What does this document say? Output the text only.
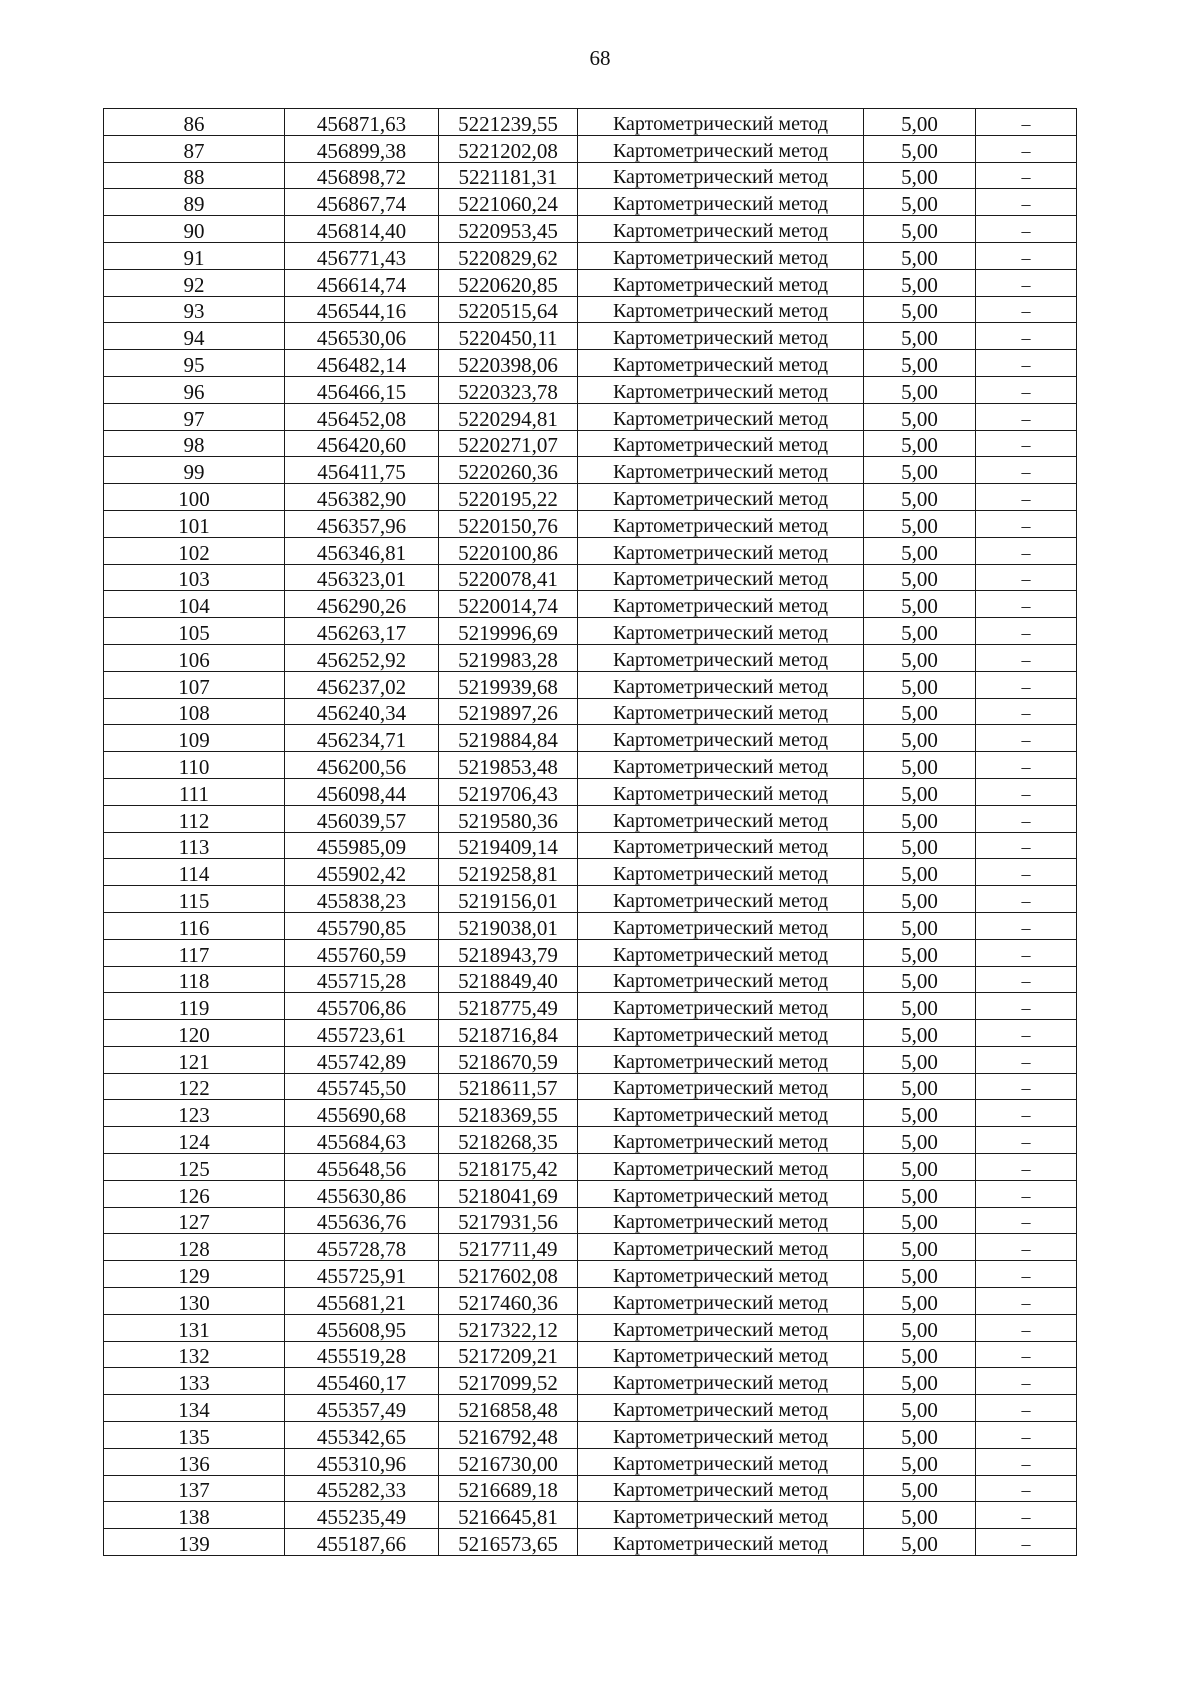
68
86	456871,63	5221239,55	Картометрический метод	5,00	–
87	456899,38	5221202,08	Картометрический метод	5,00	–
88	456898,72	5221181,31	Картометрический метод	5,00	–
89	456867,74	5221060,24	Картометрический метод	5,00	–
90	456814,40	5220953,45	Картометрический метод	5,00	–
91	456771,43	5220829,62	Картометрический метод	5,00	–
92	456614,74	5220620,85	Картометрический метод	5,00	–
93	456544,16	5220515,64	Картометрический метод	5,00	–
94	456530,06	5220450,11	Картометрический метод	5,00	–
95	456482,14	5220398,06	Картометрический метод	5,00	–
96	456466,15	5220323,78	Картометрический метод	5,00	–
97	456452,08	5220294,81	Картометрический метод	5,00	–
98	456420,60	5220271,07	Картометрический метод	5,00	–
99	456411,75	5220260,36	Картометрический метод	5,00	–
100	456382,90	5220195,22	Картометрический метод	5,00	–
101	456357,96	5220150,76	Картометрический метод	5,00	–
102	456346,81	5220100,86	Картометрический метод	5,00	–
103	456323,01	5220078,41	Картометрический метод	5,00	–
104	456290,26	5220014,74	Картометрический метод	5,00	–
105	456263,17	5219996,69	Картометрический метод	5,00	–
106	456252,92	5219983,28	Картометрический метод	5,00	–
107	456237,02	5219939,68	Картометрический метод	5,00	–
108	456240,34	5219897,26	Картометрический метод	5,00	–
109	456234,71	5219884,84	Картометрический метод	5,00	–
110	456200,56	5219853,48	Картометрический метод	5,00	–
111	456098,44	5219706,43	Картометрический метод	5,00	–
112	456039,57	5219580,36	Картометрический метод	5,00	–
113	455985,09	5219409,14	Картометрический метод	5,00	–
114	455902,42	5219258,81	Картометрический метод	5,00	–
115	455838,23	5219156,01	Картометрический метод	5,00	–
116	455790,85	5219038,01	Картометрический метод	5,00	–
117	455760,59	5218943,79	Картометрический метод	5,00	–
118	455715,28	5218849,40	Картометрический метод	5,00	–
119	455706,86	5218775,49	Картометрический метод	5,00	–
120	455723,61	5218716,84	Картометрический метод	5,00	–
121	455742,89	5218670,59	Картометрический метод	5,00	–
122	455745,50	5218611,57	Картометрический метод	5,00	–
123	455690,68	5218369,55	Картометрический метод	5,00	–
124	455684,63	5218268,35	Картометрический метод	5,00	–
125	455648,56	5218175,42	Картометрический метод	5,00	–
126	455630,86	5218041,69	Картометрический метод	5,00	–
127	455636,76	5217931,56	Картометрический метод	5,00	–
128	455728,78	5217711,49	Картометрический метод	5,00	–
129	455725,91	5217602,08	Картометрический метод	5,00	–
130	455681,21	5217460,36	Картометрический метод	5,00	–
131	455608,95	5217322,12	Картометрический метод	5,00	–
132	455519,28	5217209,21	Картометрический метод	5,00	–
133	455460,17	5217099,52	Картометрический метод	5,00	–
134	455357,49	5216858,48	Картометрический метод	5,00	–
135	455342,65	5216792,48	Картометрический метод	5,00	–
136	455310,96	5216730,00	Картометрический метод	5,00	–
137	455282,33	5216689,18	Картометрический метод	5,00	–
138	455235,49	5216645,81	Картометрический метод	5,00	–
139	455187,66	5216573,65	Картометрический метод	5,00	–
